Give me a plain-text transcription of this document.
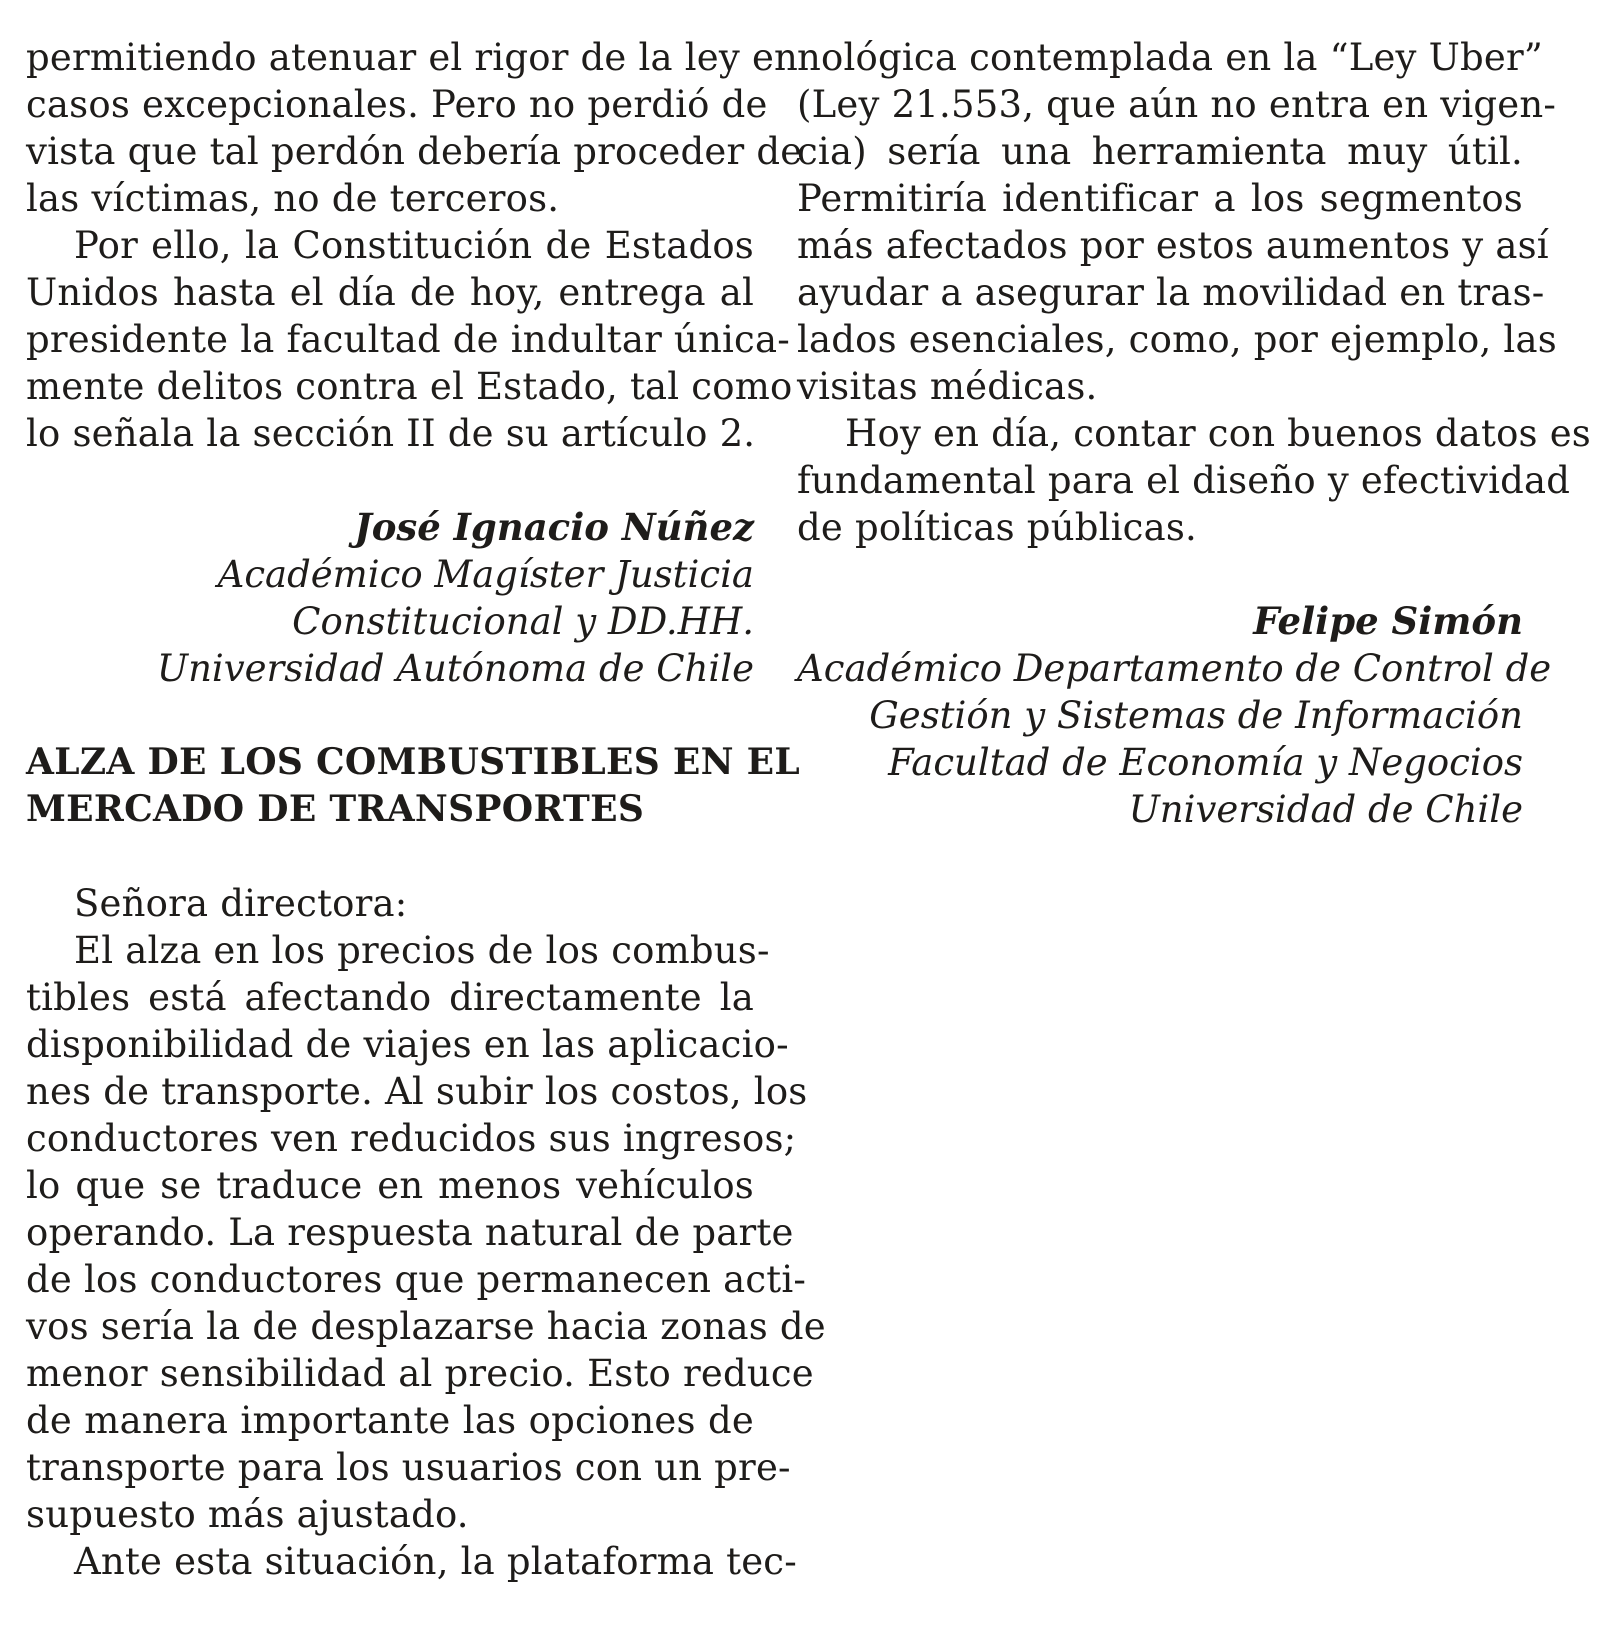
permitiendo atenuar el rigor de la ley en
casos excepcionales. Pero no perdió de
vista que tal perdón debería proceder de
las víctimas, no de terceros.
Por ello, la Constitución de Estados
Unidos hasta el día de hoy, entrega al
presidente la facultad de indultar única-
mente delitos contra el Estado, tal como
lo señala la sección II de su artículo 2.
José Ignacio Núñez
Académico Magíster Justicia
Constitucional y DD.HH.
Universidad Autónoma de Chile
ALZA DE LOS COMBUSTIBLES EN EL
MERCADO DE TRANSPORTES
Señora directora:
El alza en los precios de los combus-
tibles está afectando directamente la
disponibilidad de viajes en las aplicacio-
nes de transporte. Al subir los costos, los
conductores ven reducidos sus ingresos;
lo que se traduce en menos vehículos
operando. La respuesta natural de parte
de los conductores que permanecen acti-
vos sería la de desplazarse hacia zonas de
menor sensibilidad al precio. Esto reduce
de manera importante las opciones de
transporte para los usuarios con un pre-
supuesto más ajustado.
Ante esta situación, la plataforma tec-
nológica contemplada en la “Ley Uber”
(Ley 21.553, que aún no entra en vigen-
cia) sería una herramienta muy útil.
Permitiría identificar a los segmentos
más afectados por estos aumentos y así
ayudar a asegurar la movilidad en tras-
lados esenciales, como, por ejemplo, las
visitas médicas.
Hoy en día, contar con buenos datos es
fundamental para el diseño y efectividad
de políticas públicas.
Felipe Simón
Académico Departamento de Control de
Gestión y Sistemas de Información
Facultad de Economía y Negocios
Universidad de Chile
